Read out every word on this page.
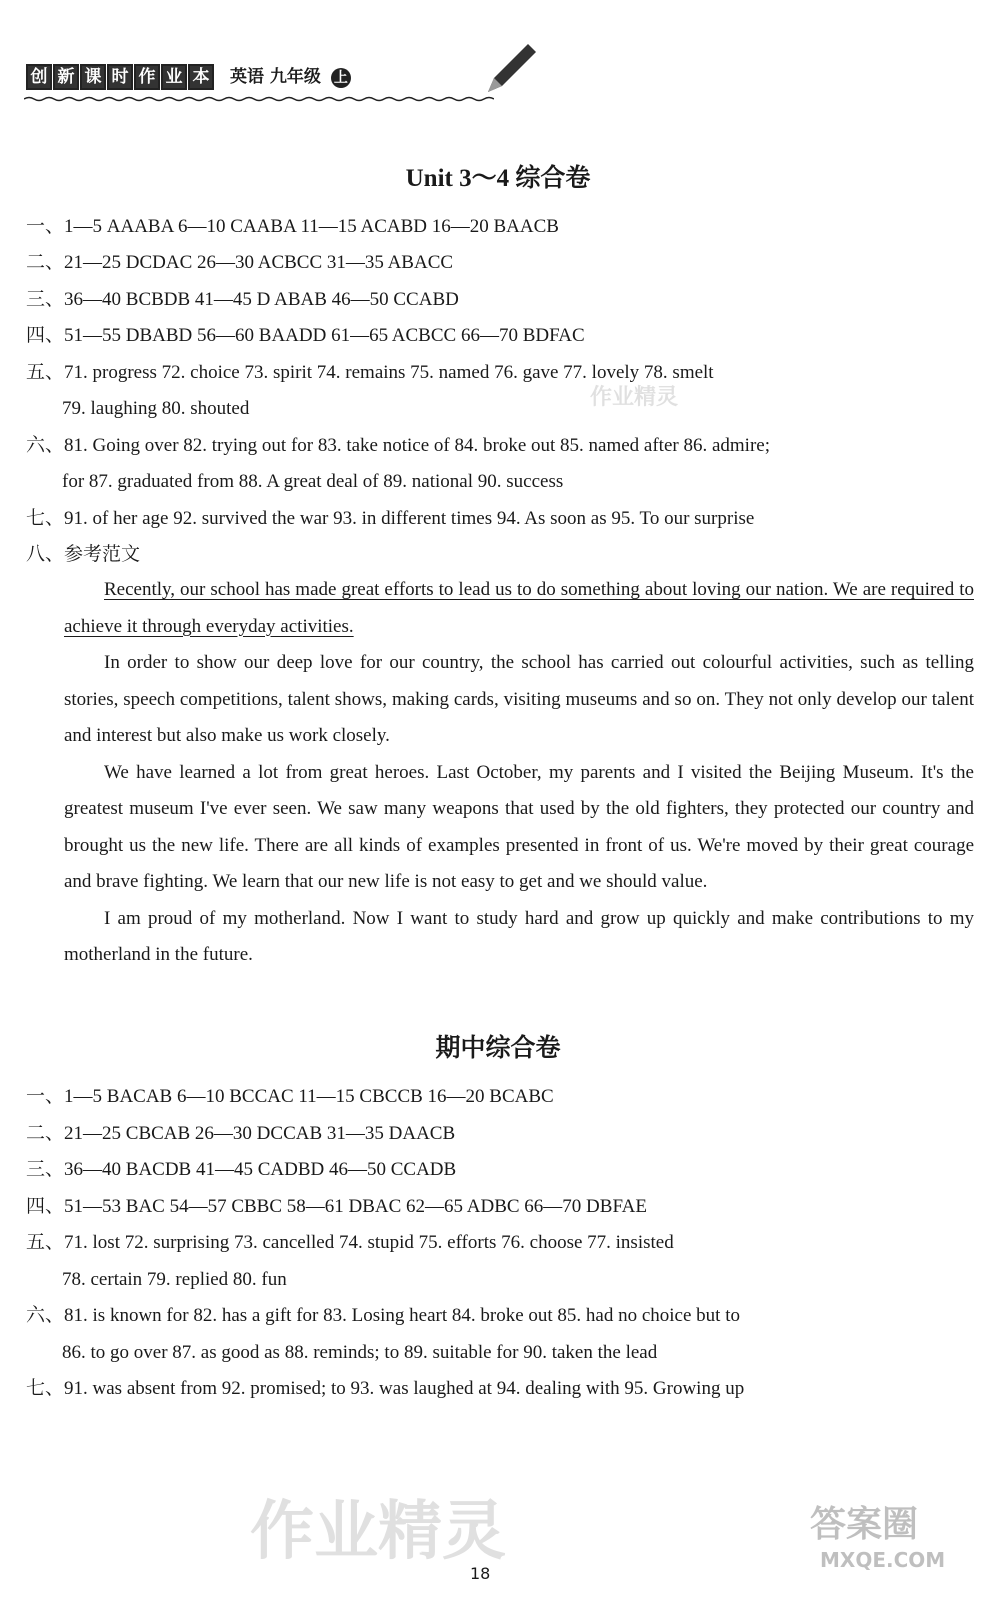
创 新 课 时 作 业 本	英语 九年级 上
Unit 3～4 综合卷
一、1—5 AAABA 6—10 CAABA 11—15 ACABD 16—20 BAACB
二、21—25 DCDAC 26—30 ACBCC 31—35 ABACC
三、36—40 BCBDB 41—45 D ABAB 46—50 CCABD
四、51—55 DBABD 56—60 BAADD 61—65 ACBCC 66—70 BDFAC
五、71. progress 72. choice 73. spirit 74. remains 75. named 76. gave 77. lovely 78. smelt
79. laughing 80. shouted
六、81. Going over 82. trying out for 83. take notice of 84. broke out 85. named after 86. admire;
for 87. graduated from 88. A great deal of 89. national 90. success
七、91. of her age 92. survived the war 93. in different times 94. As soon as 95. To our surprise
八、参考范文

Recently, our school has made great efforts to lead us to do something about loving our nation. We are required to achieve it through everyday activities.

In order to show our deep love for our country, the school has carried out colourful activities, such as telling stories, speech competitions, talent shows, making cards, visiting museums and so on. They not only develop our talent and interest but also make us work closely.

We have learned a lot from great heroes. Last October, my parents and I visited the Beijing Museum. It's the greatest museum I've ever seen. We saw many weapons that used by the old fighters, they protected our country and brought us the new life. There are all kinds of examples presented in front of us. We're moved by their great courage and brave fighting. We learn that our new life is not easy to get and we should value.

I am proud of my motherland. Now I want to study hard and grow up quickly and make contributions to my motherland in the future.

期中综合卷
一、1—5 BACAB 6—10 BCCAC 11—15 CBCCB 16—20 BCABC
二、21—25 CBCAB 26—30 DCCAB 31—35 DAACB
三、36—40 BACDB 41—45 CADBD 46—50 CCADB
四、51—53 BAC 54—57 CBBC 58—61 DBAC 62—65 ADBC 66—70 DBFAE
五、71. lost 72. surprising 73. cancelled 74. stupid 75. efforts 76. choose 77. insisted
78. certain 79. replied 80. fun
六、81. is known for 82. has a gift for 83. Losing heart 84. broke out 85. had no choice but to
86. to go over 87. as good as 88. reminds; to 89. suitable for 90. taken the lead
七、91. was absent from 92. promised; to 93. was laughed at 94. dealing with 95. Growing up
作业精灵
作业精灵	答案圈
MXQE.COM
18
